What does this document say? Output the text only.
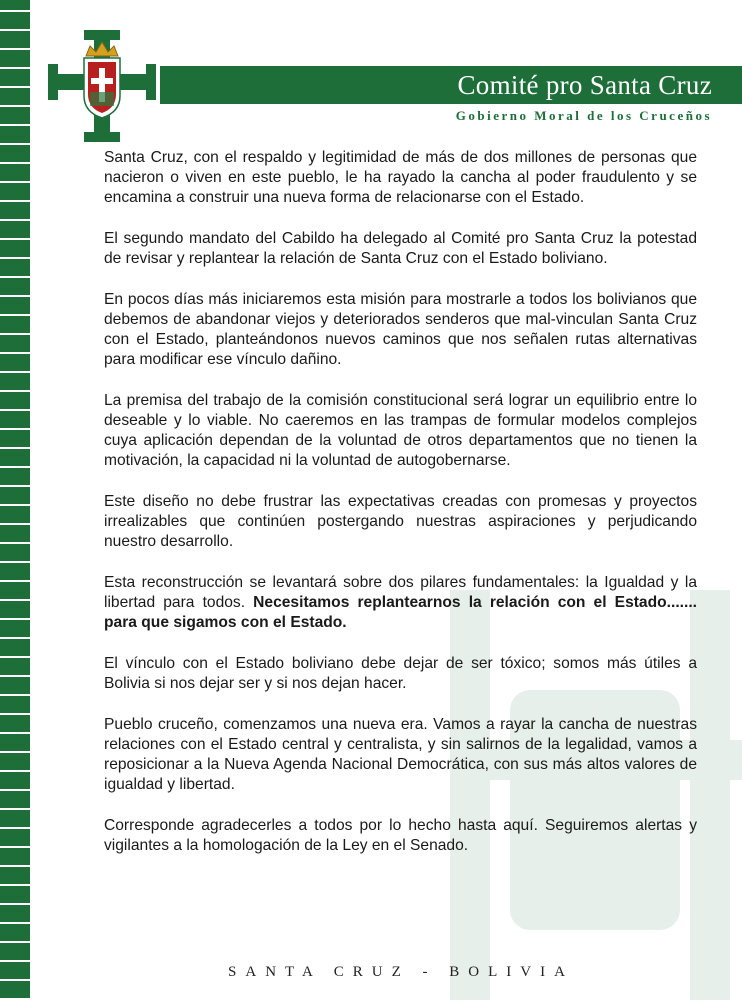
Comité pro Santa Cruz
Gobierno Moral de los Cruceños

Santa Cruz, con el respaldo y legitimidad de más de dos millones de personas que nacieron o viven en este pueblo, le ha rayado la cancha al poder fraudulento y se encamina a construir una nueva forma de relacionarse con el Estado.

El segundo mandato del Cabildo ha delegado al Comité pro Santa Cruz la potestad de revisar y replantear la relación de Santa Cruz con el Estado boliviano.

En pocos días más iniciaremos esta misión para mostrarle a todos los bolivianos que debemos de abandonar viejos y deteriorados senderos que mal-vinculan Santa Cruz con el Estado, planteándonos nuevos caminos que nos señalen rutas alternativas para modificar ese vínculo dañino.

La premisa del trabajo de la comisión constitucional será lograr un equilibrio entre lo deseable y lo viable. No caeremos en las trampas de formular modelos complejos cuya aplicación dependan de la voluntad de otros departamentos que no tienen la motivación, la capacidad ni la voluntad de autogobernarse.

Este diseño no debe frustrar las expectativas creadas con promesas y proyectos irrealizables que continúen postergando nuestras aspiraciones y perjudicando nuestro desarrollo.

Esta reconstrucción se levantará sobre dos pilares fundamentales: la Igualdad y la libertad para todos. Necesitamos replantearnos la relación con el Estado....... para que sigamos con el Estado.

El vínculo con el Estado boliviano debe dejar de ser tóxico; somos más útiles a Bolivia si nos dejar ser y si nos dejan hacer.

Pueblo cruceño, comenzamos una nueva era. Vamos a rayar la cancha de nuestras relaciones con el Estado central y centralista, y sin salirnos de la legalidad, vamos a reposicionar a la Nueva Agenda Nacional Democrática, con sus más altos valores de igualdad y libertad.

Corresponde agradecerles a todos por lo hecho hasta aquí. Seguiremos alertas y vigilantes a la homologación de la Ley en el Senado.

SANTA CRUZ - BOLIVIA
